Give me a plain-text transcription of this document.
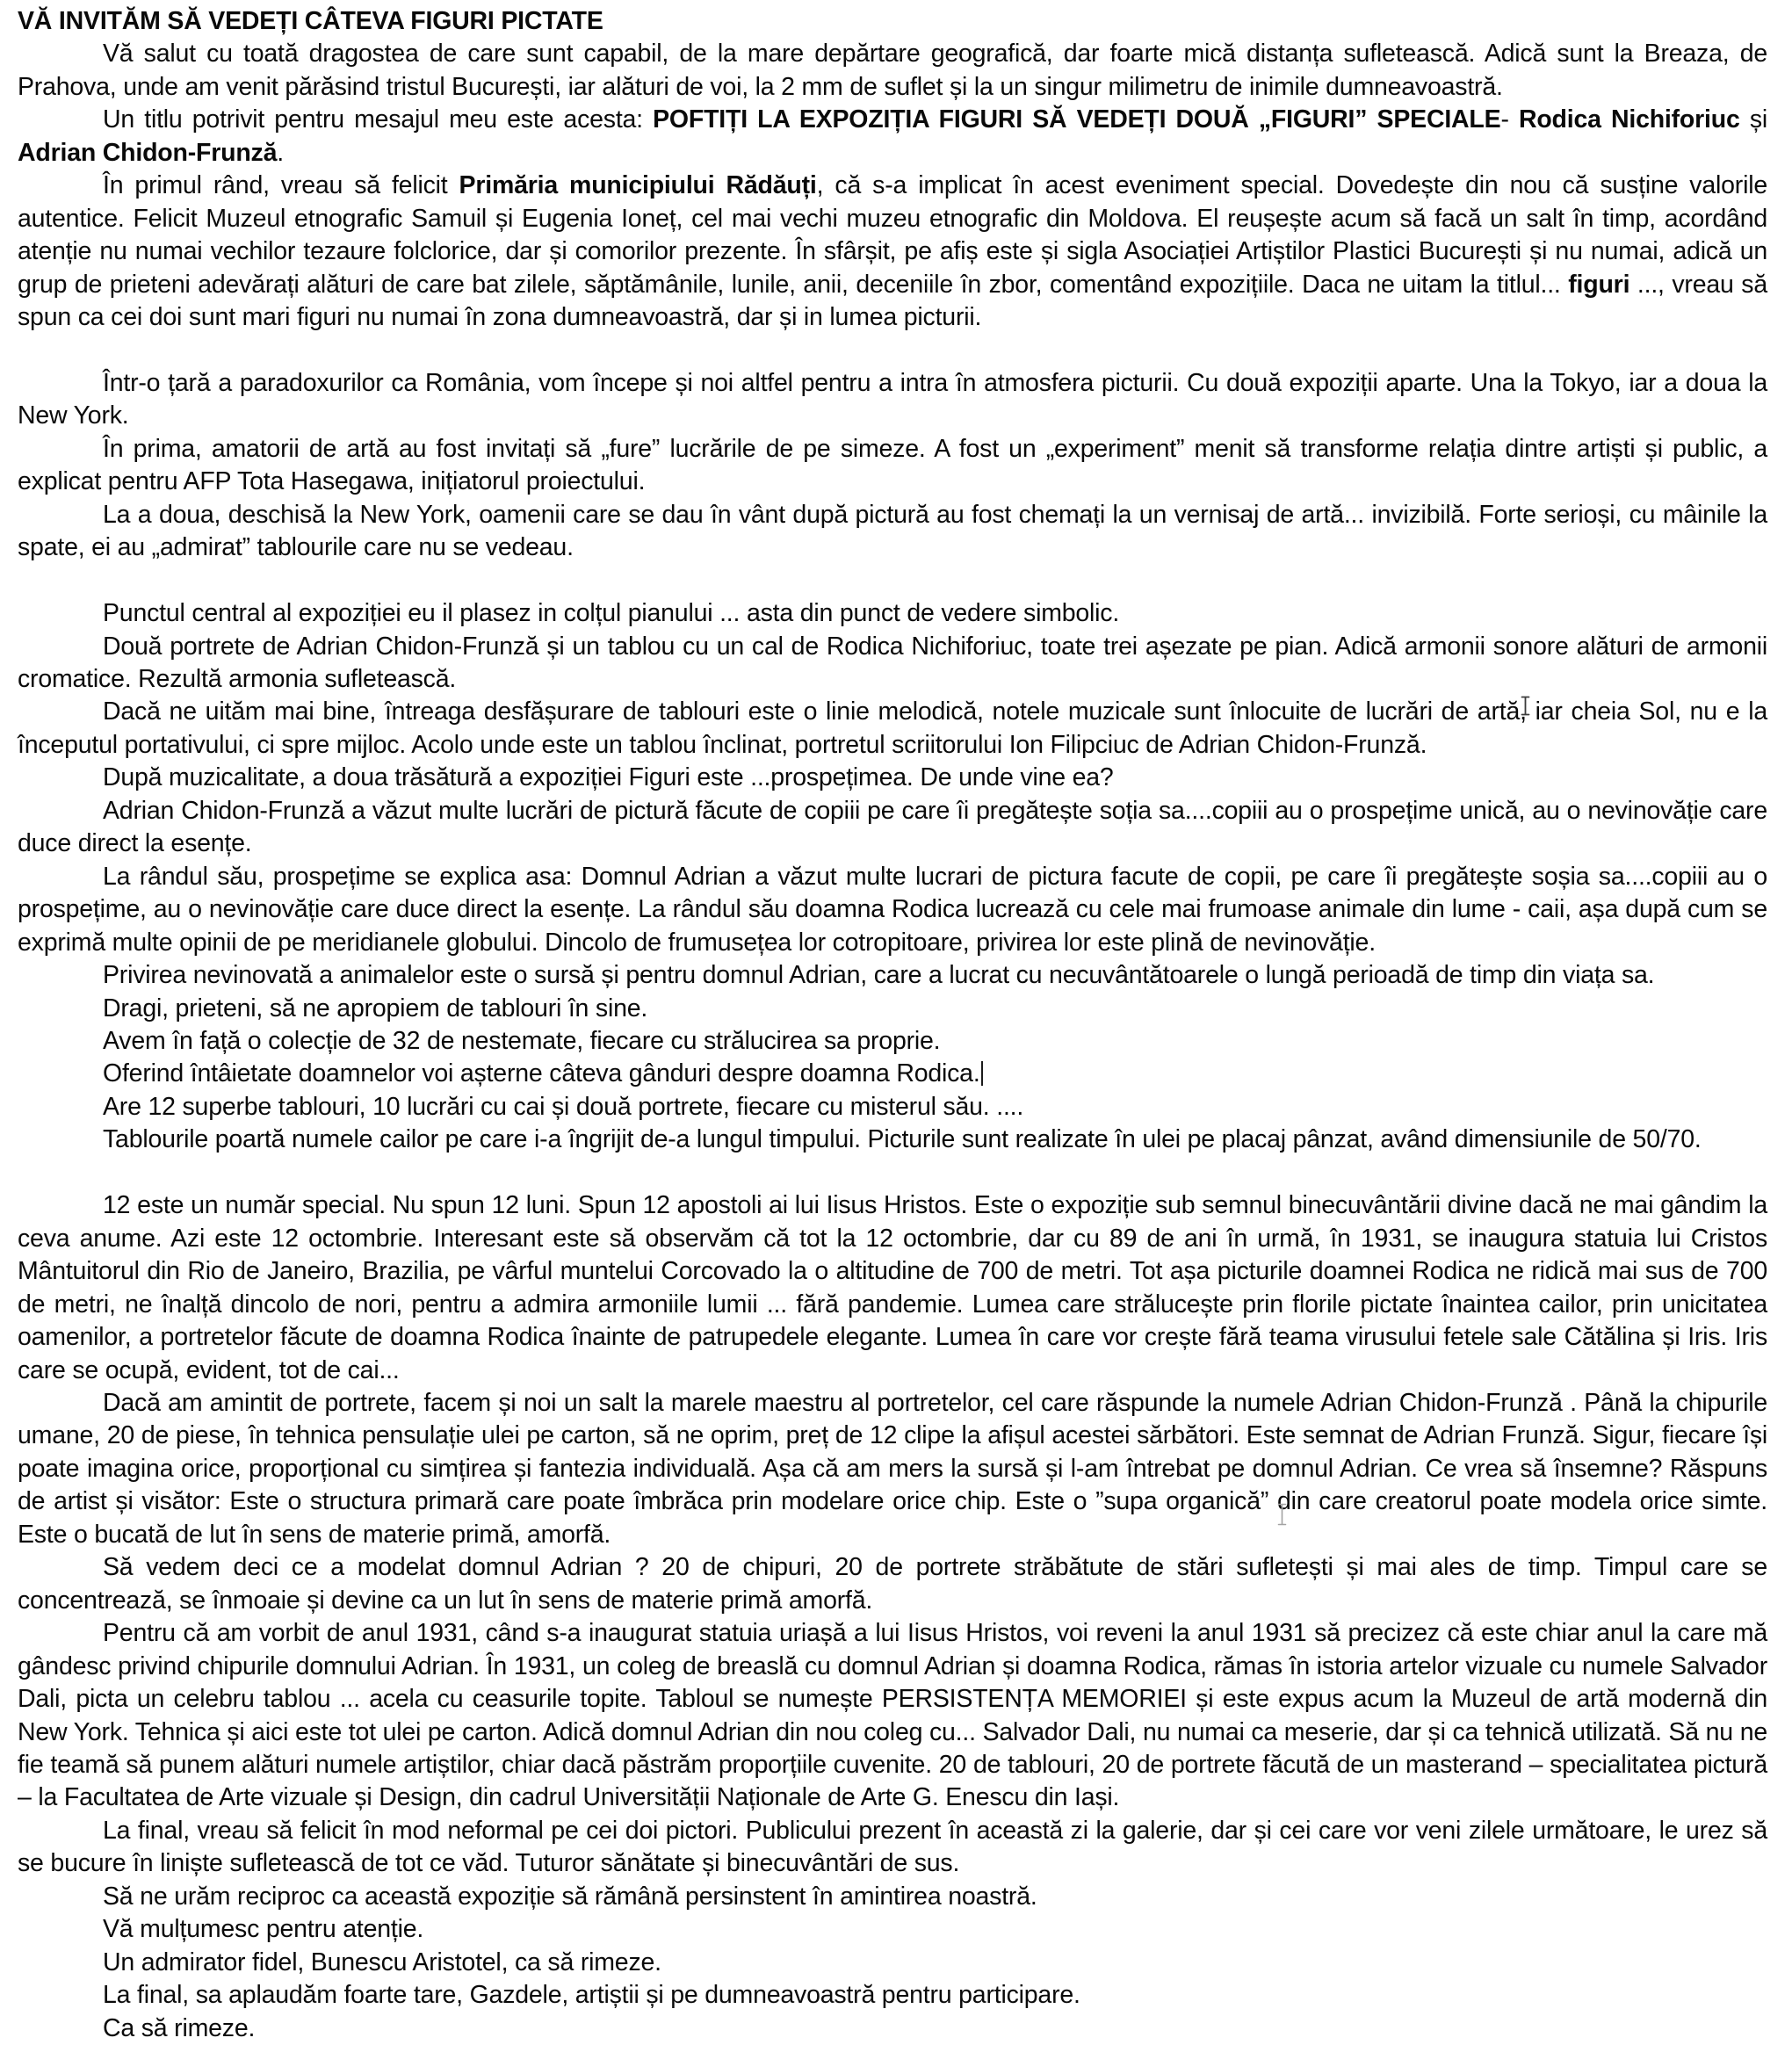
VĂ INVITĂM SĂ VEDEȚI CÂTEVA FIGURI PICTATE

Vă salut cu toată dragostea de care sunt capabil, de la mare depărtare geografică, dar foarte mică distanța sufletească. Adică sunt la Breaza, de Prahova, unde am venit părăsind tristul București, iar alături de voi, la 2 mm de suflet și la un singur milimetru de inimile dumneavoastră.

Un titlu potrivit pentru mesajul meu este acesta: POFTIȚI LA EXPOZIȚIA FIGURI SĂ VEDEȚI DOUĂ „FIGURI” SPECIALE- Rodica Nichiforiuc și Adrian Chidon-Frunză.

În primul rând, vreau să felicit Primăria municipiului Rădăuți, că s-a implicat în acest eveniment special. Dovedește din nou că susține valorile autentice. Felicit Muzeul etnografic Samuil și Eugenia Ioneț, cel mai vechi muzeu etnografic din Moldova. El reușește acum să facă un salt în timp, acordând atenție nu numai vechilor tezaure folclorice, dar și comorilor prezente. În sfârșit, pe afiș este și sigla Asociației Artiștilor Plastici București și nu numai, adică un grup de prieteni adevărați alături de care bat zilele, săptămânile, lunile, anii, deceniile în zbor, comentând expozițiile. Daca ne uitam la titlul... figuri ..., vreau să spun ca cei doi sunt mari figuri nu numai în zona dumneavoastră, dar și in lumea picturii.

Într-o țară a paradoxurilor ca România, vom începe și noi altfel pentru a intra în atmosfera picturii. Cu două expoziții aparte. Una la Tokyo, iar a doua la New York.

În prima, amatorii de artă au fost invitați să „fure” lucrările de pe simeze. A fost un „experiment” menit să transforme relația dintre artiști și public, a explicat pentru AFP Tota Hasegawa, inițiatorul proiectului.

La a doua, deschisă la New York, oamenii care se dau în vânt după pictură au fost chemați la un vernisaj de artă... invizibilă. Forte serioși, cu mâinile la spate, ei au „admirat” tablourile care nu se vedeau.

Punctul central al expoziției eu il plasez in colțul pianului ... asta din punct de vedere simbolic.

Două portrete de Adrian Chidon-Frunză și un tablou cu un cal de Rodica Nichiforiuc, toate trei așezate pe pian. Adică armonii sonore alături de armonii cromatice. Rezultă armonia sufletească.

Dacă ne uităm mai bine, întreaga desfășurare de tablouri este o linie melodică, notele muzicale sunt înlocuite de lucrări de artă, iar cheia Sol, nu e la începutul portativului, ci spre mijloc. Acolo unde este un tablou înclinat, portretul scriitorului Ion Filipciuc de Adrian Chidon-Frunză.

După muzicalitate, a doua trăsătură a expoziției Figuri este ...prospețimea. De unde vine ea?

Adrian Chidon-Frunză a văzut multe lucrări de pictură făcute de copiii pe care îi pregătește soția sa....copiii au o prospețime unică, au o nevinovăție care duce direct la esențe.

La rândul său, prospețime se explica asa: Domnul Adrian a văzut multe lucrari de pictura facute de copii, pe care îi pregătește soșia sa....copiii au o prospețime, au o nevinovăție care duce direct la esențe. La rândul său doamna Rodica lucrează cu cele mai frumoase animale din lume - caii, așa după cum se exprimă multe opinii de pe meridianele globului. Dincolo de frumusețea lor cotropitoare, privirea lor este plină de nevinovăție.

Privirea nevinovată a animalelor este o sursă și pentru domnul Adrian, care a lucrat cu necuvântătoarele o lungă perioadă de timp din viața sa.

Dragi, prieteni, să ne apropiem de tablouri în sine.

Avem în față o colecție de 32 de nestemate, fiecare cu strălucirea sa proprie.

Oferind întâietate doamnelor voi așterne câteva gânduri despre doamna Rodica.

Are 12 superbe tablouri, 10 lucrări cu cai și două portrete, fiecare cu misterul său. ....

Tablourile poartă numele cailor pe care i-a îngrijit de-a lungul timpului. Picturile sunt realizate în ulei pe placaj pânzat, având dimensiunile de 50/70.

12 este un număr special. Nu spun 12 luni. Spun 12 apostoli ai lui Iisus Hristos. Este o expoziție sub semnul binecuvântării divine dacă ne mai gândim la ceva anume. Azi este 12 octombrie. Interesant este să observăm că tot la 12 octombrie, dar cu 89 de ani în urmă, în 1931, se inaugura statuia lui Cristos Mântuitorul din Rio de Janeiro, Brazilia, pe vârful muntelui Corcovado la o altitudine de 700 de metri. Tot așa picturile doamnei Rodica ne ridică mai sus de 700 de metri, ne înalță dincolo de nori, pentru a admira armoniile lumii ... fără pandemie. Lumea care strălucește prin florile pictate înaintea cailor, prin unicitatea oamenilor, a portretelor făcute de doamna Rodica înainte de patrupedele elegante. Lumea în care vor crește fără teama virusului fetele sale Cătălina și Iris. Iris care se ocupă, evident, tot de cai...

Dacă am amintit de portrete, facem și noi un salt la marele maestru al portretelor, cel care răspunde la numele Adrian Chidon-Frunză . Până la chipurile umane, 20 de piese, în tehnica pensulație ulei pe carton, să ne oprim, preț de 12 clipe la afișul acestei sărbători. Este semnat de Adrian Frunză. Sigur, fiecare își poate imagina orice, proporțional cu simțirea și fantezia individuală. Așa că am mers la sursă și l-am întrebat pe domnul Adrian. Ce vrea să însemne? Răspuns de artist și visător: Este o structura primară care poate îmbrăca prin modelare orice chip. Este o ”supa organică” din care creatorul poate modela orice simte. Este o bucată de lut în sens de materie primă, amorfă.

Să vedem deci ce a modelat domnul Adrian ? 20 de chipuri, 20 de portrete străbătute de stări sufletești și mai ales de timp. Timpul care se concentrează, se înmoaie și devine ca un lut în sens de materie primă amorfă.

Pentru că am vorbit de anul 1931, când s-a inaugurat statuia uriașă a lui Iisus Hristos, voi reveni la anul 1931 să precizez că este chiar anul la care mă gândesc privind chipurile domnului Adrian. În 1931, un coleg de breaslă cu domnul Adrian și doamna Rodica, rămas în istoria artelor vizuale cu numele Salvador Dali, picta un celebru tablou ... acela cu ceasurile topite. Tabloul se numește PERSISTENȚA MEMORIEI și este expus acum la Muzeul de artă modernă din New York. Tehnica și aici este tot ulei pe carton. Adică domnul Adrian din nou coleg cu... Salvador Dali, nu numai ca meserie, dar și ca tehnică utilizată. Să nu ne fie teamă să punem alături numele artiștilor, chiar dacă păstrăm proporțiile cuvenite. 20 de tablouri, 20 de portrete făcută de un masterand – specialitatea pictură – la Facultatea de Arte vizuale și Design, din cadrul Universității Naționale de Arte G. Enescu din Iași.

La final, vreau să felicit în mod neformal pe cei doi pictori. Publicului prezent în această zi la galerie, dar și cei care vor veni zilele următoare, le urez să se bucure în liniște sufletească de tot ce văd. Tuturor sănătate și binecuvântări de sus.

Să ne urăm reciproc ca această expoziție să rămână persinstent în amintirea noastră.

Vă mulțumesc pentru atenție.

Un admirator fidel, Bunescu Aristotel, ca să rimeze.

La final, sa aplaudăm foarte tare, Gazdele, artiștii și pe dumneavoastră pentru participare.

Ca să rimeze.
